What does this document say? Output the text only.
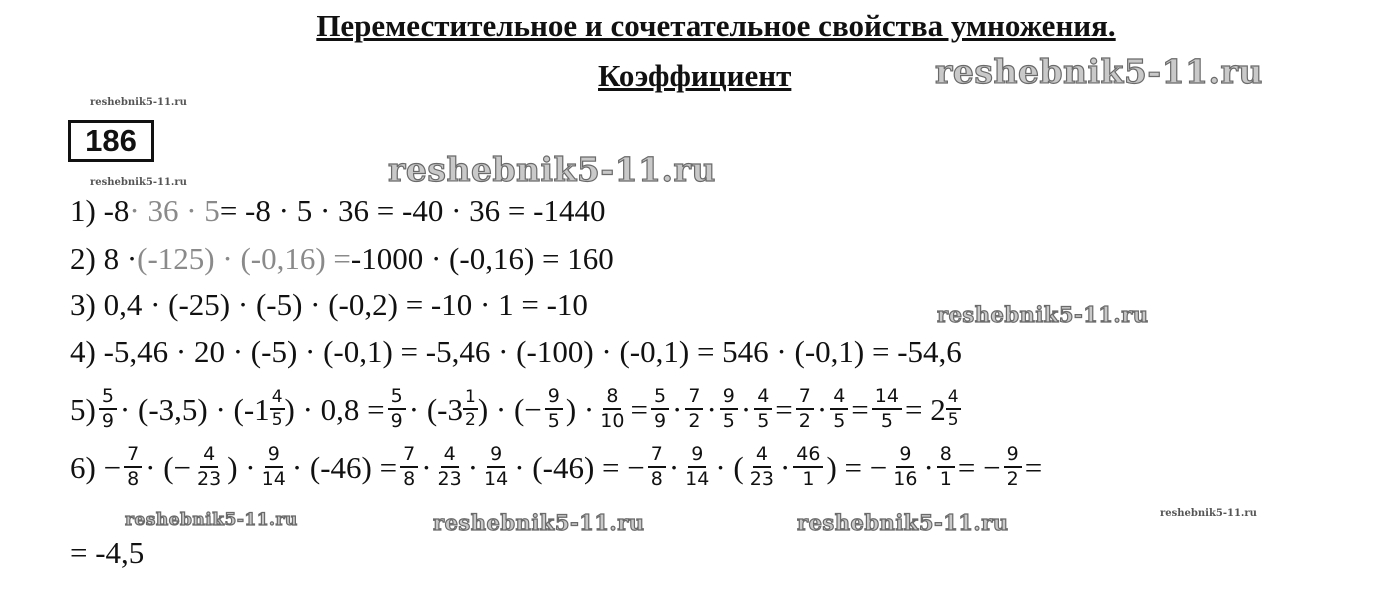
Переместительное и сочетательное свойства умножения.
Коэффициент	reshebnik5-11.ru
reshebnik5-11.ru
reshebnik5-11.ru
reshebnik5-11.ru	reshebnik5-11.ru	reshebnik5-11.ru
reshebnik5-11.ru
reshebnik5-11.ru
reshebnik5-11.ru
186
1) -8 · 36 · 5 = -8 · 5 · 36 = -40 · 36 = -1440
2) 8 · (-125) · (-0,16) = -1000 · (-0,16) = 160
3) 0,4 · (-25) · (-5) · (-0,2) = -10 · 1 = -10
4) -5,46 · 20 · (-5) · (-0,1) = -5,46 · (-100) · (-0,1) = 546 · (-0,1) = -54,6
$5) \frac{5}{9} \cdot (-3,5) \cdot (-1 \frac{4}{5}$ ) · $0,8 = \frac{5}{9} \cdot (-3 \frac{1}{2}$ ) · (− $\frac{9}{5}$ ) · $\frac{8}{10} = \frac{5}{9} \cdot \frac{7}{2} \cdot \frac{9}{5} \cdot \frac{4}{5} = \frac{7}{2} \cdot \frac{4}{5} = \frac{14}{5} = 2 \frac{4}{5}$
$6) - \frac{7}{8}$ · (− $\frac{4}{23}$ ) · $\frac{9}{14} \cdot (-46) = \frac{7}{8} \cdot \frac{4}{23} \cdot \frac{9}{14} \cdot (-46)$ = − $\frac{7}{8} \cdot \frac{9}{14}$ · ( $\frac{4}{23} \cdot \frac{46}{1}$ ) = − $\frac{9}{16} \cdot \frac{8}{1}$ = − $\frac{9}{2}$ =
= -4,5
